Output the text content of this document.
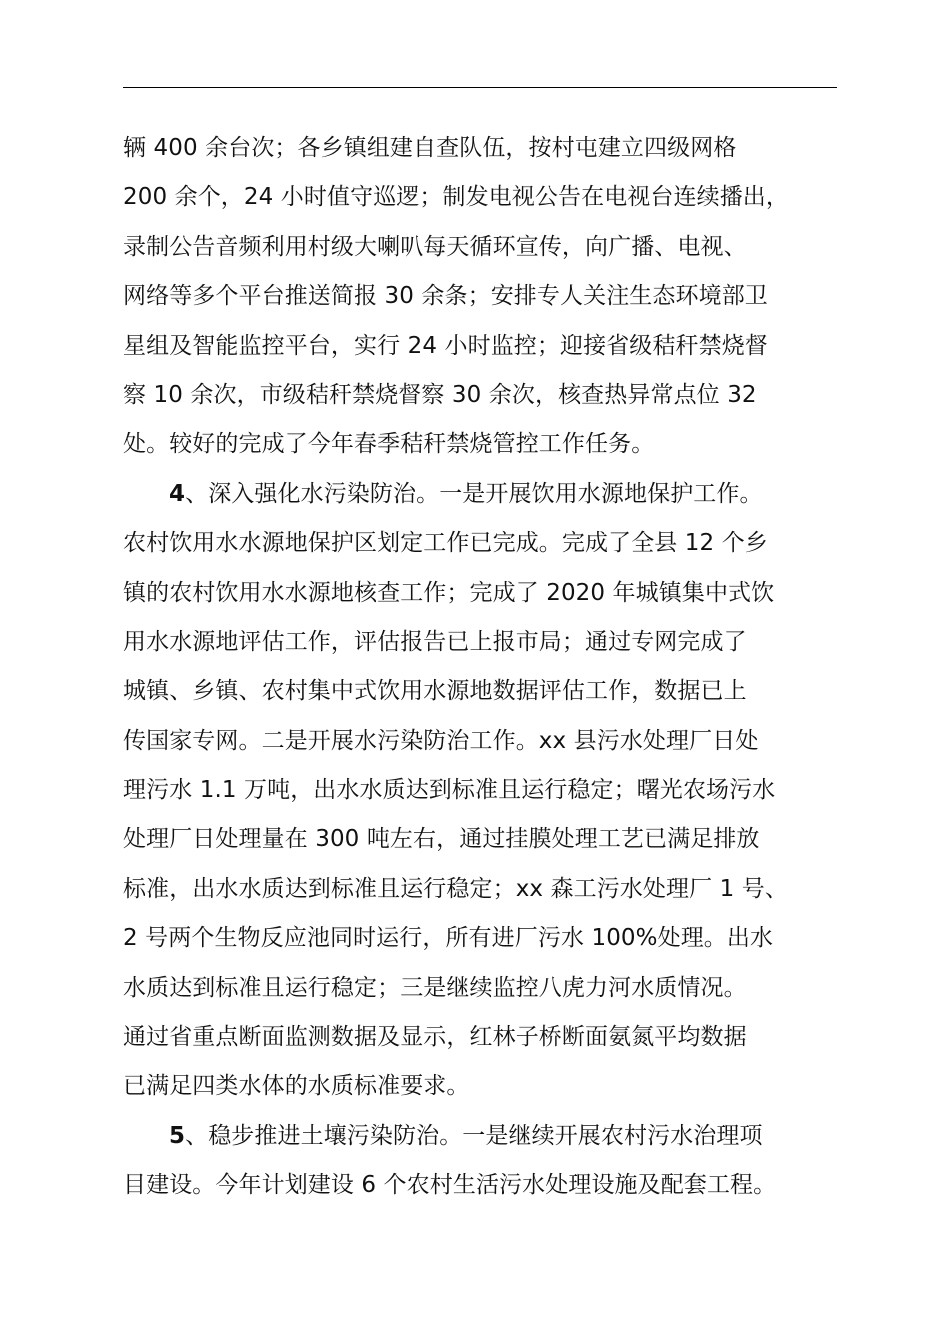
辆 400 余台次；各乡镇组建自查队伍，按村屯建立四级网格
200 余个，24 小时值守巡逻；制发电视公告在电视台连续播出，
录制公告音频利用村级大喇叭每天循环宣传，向广播、电视、
网络等多个平台推送简报 30 余条；安排专人关注生态环境部卫
星组及智能监控平台，实行 24 小时监控；迎接省级秸秆禁烧督
察 10 余次，市级秸秆禁烧督察 30 余次，核查热异常点位 32
处。较好的完成了今年春季秸秆禁烧管控工作任务。
4、深入强化水污染防治。一是开展饮用水源地保护工作。
农村饮用水水源地保护区划定工作已完成。完成了全县 12 个乡
镇的农村饮用水水源地核查工作；完成了 2020 年城镇集中式饮
用水水源地评估工作，评估报告已上报市局；通过专网完成了
城镇、乡镇、农村集中式饮用水源地数据评估工作，数据已上
传国家专网。二是开展水污染防治工作。xx 县污水处理厂日处
理污水 1.1 万吨，出水水质达到标准且运行稳定；曙光农场污水
处理厂日处理量在 300 吨左右，通过挂膜处理工艺已满足排放
标准，出水水质达到标准且运行稳定；xx 森工污水处理厂 1 号、
2 号两个生物反应池同时运行，所有进厂污水 100%处理。出水
水质达到标准且运行稳定；三是继续监控八虎力河水质情况。
通过省重点断面监测数据及显示，红林子桥断面氨氮平均数据
已满足四类水体的水质标准要求。
5、稳步推进土壤污染防治。一是继续开展农村污水治理项
目建设。今年计划建设 6 个农村生活污水处理设施及配套工程。
